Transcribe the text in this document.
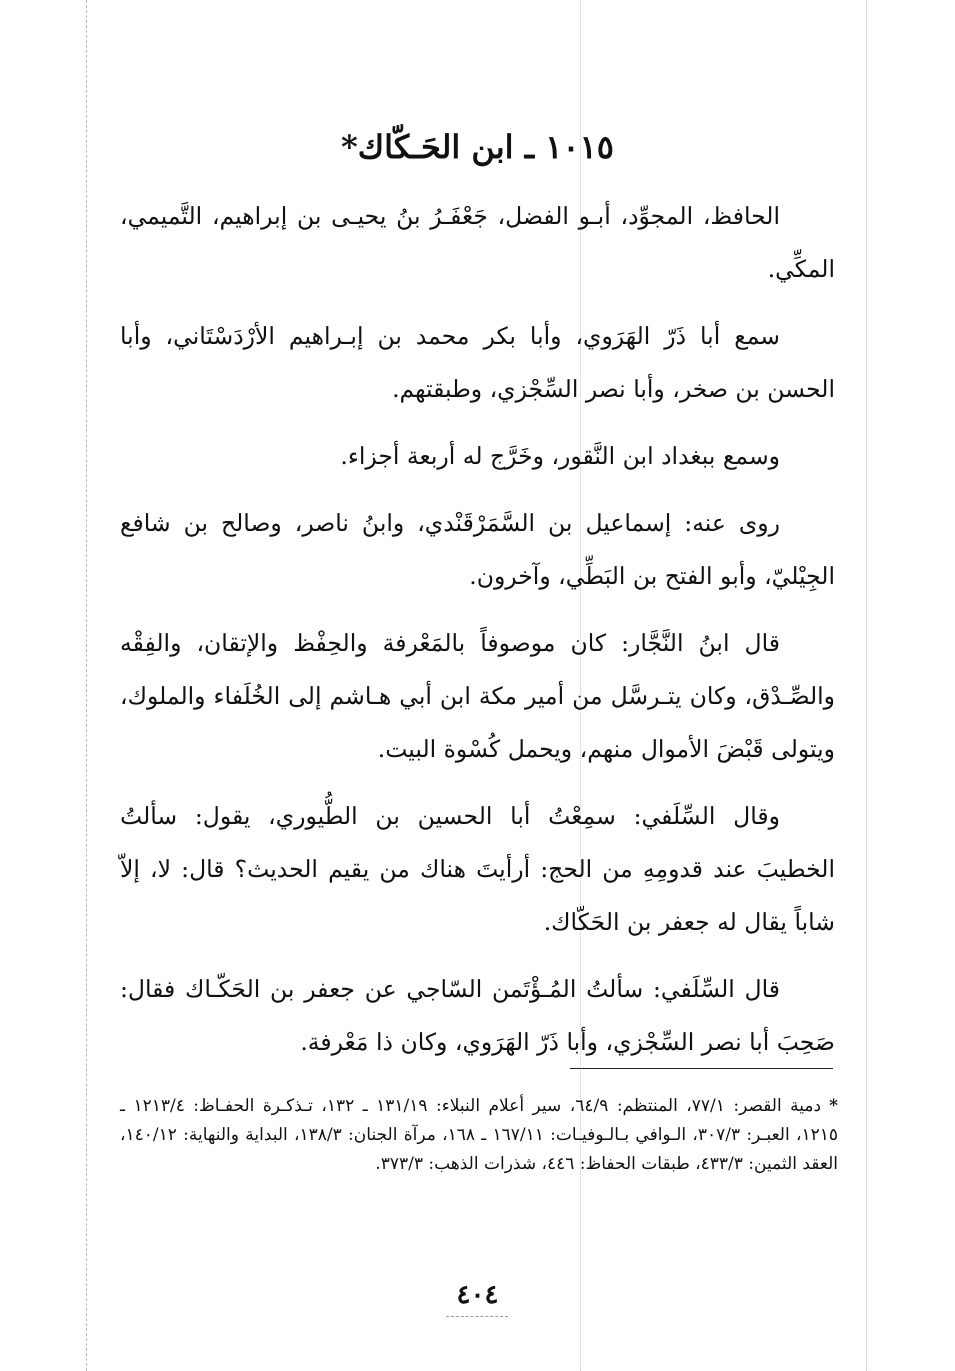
١٠١٥ ـ ابن الحَـكّاك*

الحافظ، المجوِّد، أبـو الفضل، جَعْفَـرُ بنُ يحيـى بن إبراهيم، التَّميمي، المكِّي.

سمع أبا ذَرّ الهَرَوي، وأبا بكر محمد بن إبـراهيم الأرْدَسْتَاني، وأبا الحسن بن صخر، وأبا نصر السِّجْزي، وطبقتهم.

وسمع ببغداد ابن النَّقور، وخَرَّج له أربعة أجزاء.

روى عنه: إسماعيل بن السَّمَرْقَنْدي، وابنُ ناصر، وصالح بن شافع الجِيْليّ، وأبو الفتح بن البَطِّي، وآخرون.

قال ابنُ النَّجَّار: كان موصوفاً بالمَعْرفة والحِفْظ والإتقان، والفِقْه والصِّـدْق، وكان يتـرسَّل من أمير مكة ابن أبي هـاشم إلى الخُلَفاء والملوك، ويتولى قَبْضَ الأموال منهم، ويحمل كُسْوة البيت.

وقال السِّلَفي: سمِعْتُ أبا الحسين بن الطُّيوري، يقول: سألتُ الخطيبَ عند قدومِهِ من الحج: أرأيتَ هناك من يقيم الحديث؟ قال: لا، إلاّ شاباً يقال له جعفر بن الحَكّاك.

قال السِّلَفي: سألتُ المُـؤْتَمن السّاجي عن جعفر بن الحَكّـاك فقال: صَحِبَ أبا نصر السِّجْزي، وأبا ذَرّ الهَرَوي، وكان ذا مَعْرفة.

*دمية القصر: ٧٧/١، المنتظم: ٦٤/٩، سير أعلام النبلاء: ١٣١/١٩ ـ ١٣٢، تـذكـرة الحفـاظ: ١٢١٣/٤ ـ ١٢١٥، العبـر: ٣٠٧/٣، الـوافي بـالـوفيـات: ١٦٧/١١ ـ ١٦٨، مرآة الجنان: ١٣٨/٣، البداية والنهاية: ١٤٠/١٢، العقد الثمين: ٤٣٣/٣، طبقات الحفاظ: ٤٤٦، شذرات الذهب: ٣٧٣/٣.
٤٠٤
